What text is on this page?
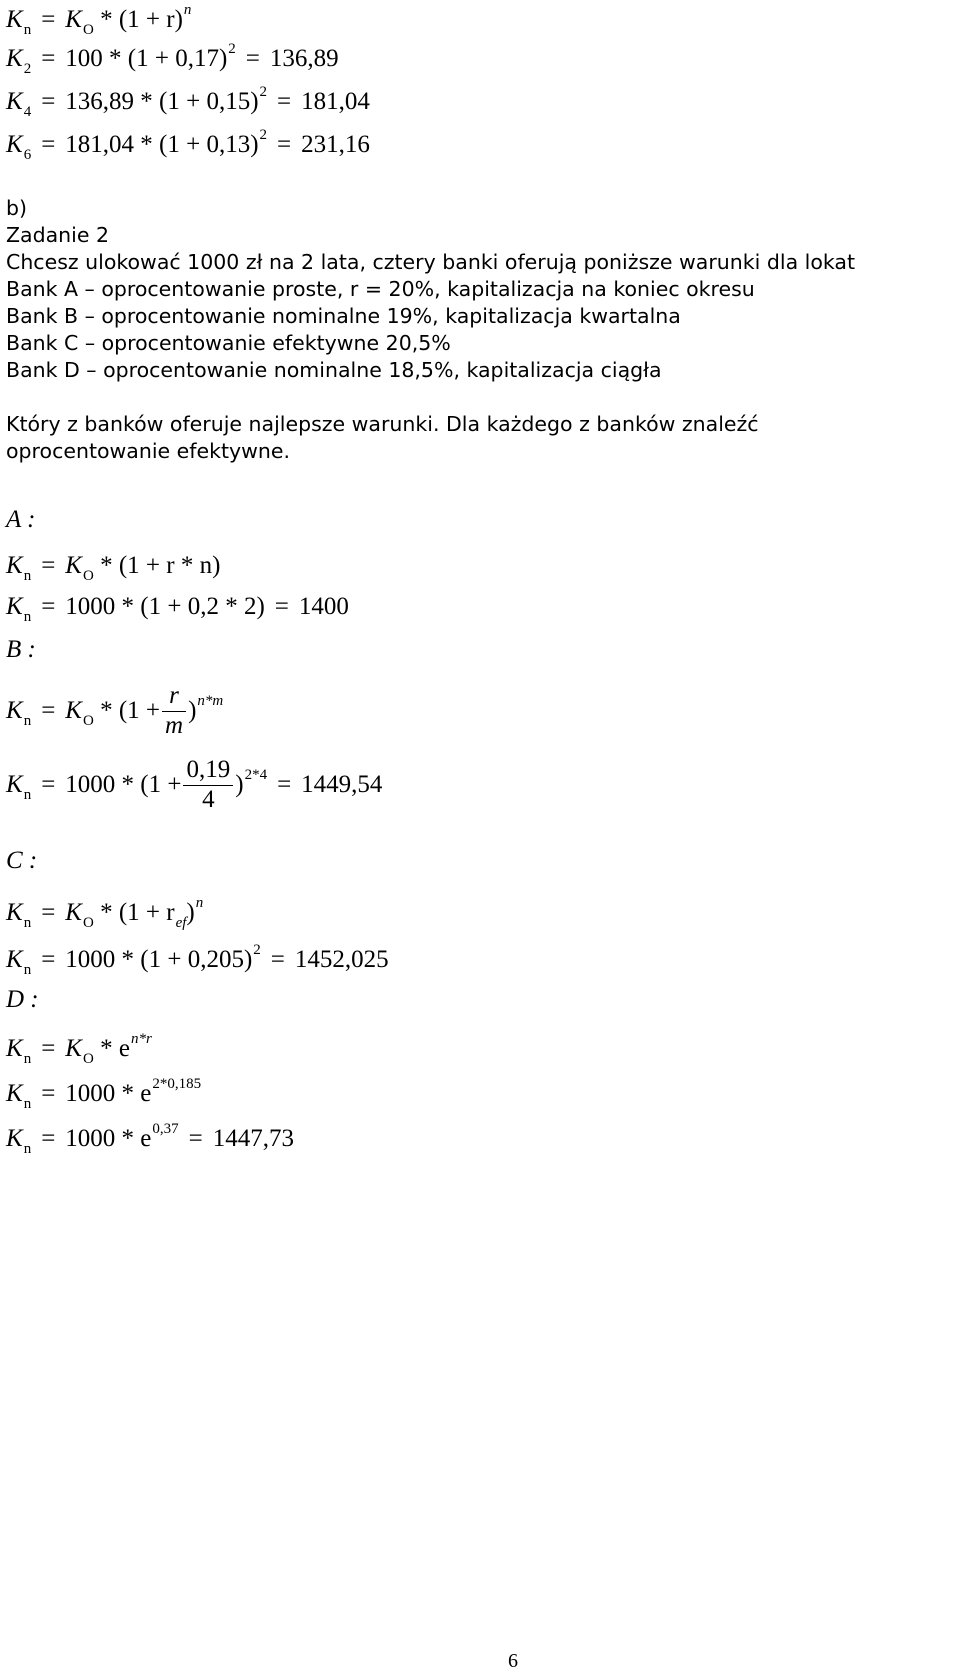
$K_n = K_O * (1 + r)^n$
$K_2 = 100 * (1 + 0,17)^2 = 136,89$
$K_4 = 136,89 * (1 + 0,15)^2 = 181,04$
$K_6 = 181,04 * (1 + 0,13)^2 = 231,16$
b)
Zadanie 2
Chcesz ulokować 1000 zł na 2 lata, cztery banki oferują poniższe warunki dla lokat
Bank A – oprocentowanie proste, r = 20%, kapitalizacja na koniec okresu
Bank B – oprocentowanie nominalne 19%, kapitalizacja kwartalna
Bank C – oprocentowanie efektywne 20,5%
Bank D – oprocentowanie nominalne 18,5%, kapitalizacja ciągła
Który z banków oferuje najlepsze warunki. Dla każdego z banków znaleźć
oprocentowanie efektywne.
A :
$K_n = K_O * (1 + r * n)$
$K_n = 1000 * (1 + 0,2 * 2) = 1400$
B :
$K_n = K_O * (1 + \frac{r}{m} )^{n*m}$
$K_n = 1000 * (1 + \frac{0,19}{4} )^{2*4} = 1449,54$
C :
$K_n = K_O * (1 + r_{ef})^n$
$K_n = 1000 * (1 + 0,205)^2 = 1452,025$
D :
$K_n = K_O * e^{n*r}$
$K_n = 1000 * e^{2*0,185}$
$K_n = 1000 * e^{0,37} = 1447,73$
6
